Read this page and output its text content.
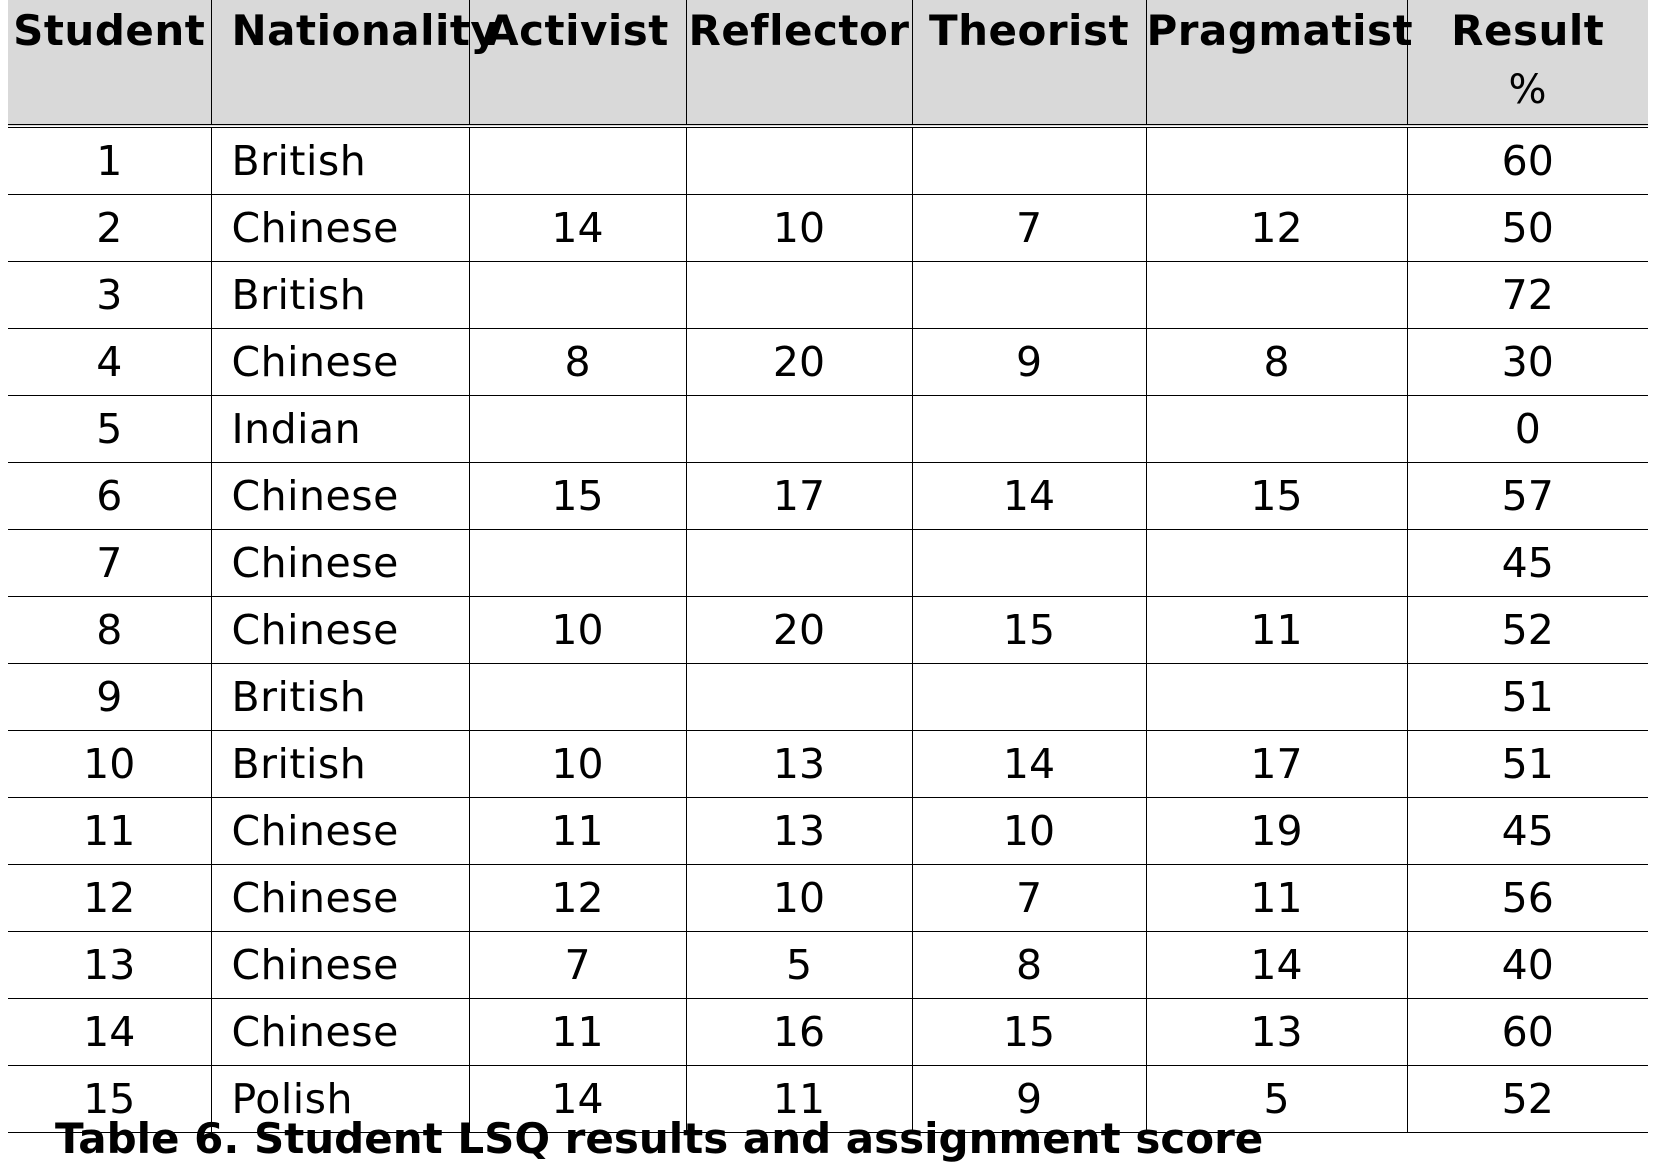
Student	Nationality	Activist	Reflector	Theorist	Pragmatist	Result
%

1	British					60
2	Chinese	14	10	7	12	50
3	British					72
4	Chinese	8	20	9	8	30
5	Indian					0
6	Chinese	15	17	14	15	57
7	Chinese					45
8	Chinese	10	20	15	11	52
9	British					51
10	British	10	13	14	17	51
11	Chinese	11	13	10	19	45
12	Chinese	12	10	7	11	56
13	Chinese	7	5	8	14	40
14	Chinese	11	16	15	13	60
15	Polish	14	11	9	5	52
Table 6. Student LSQ results and assignment score
